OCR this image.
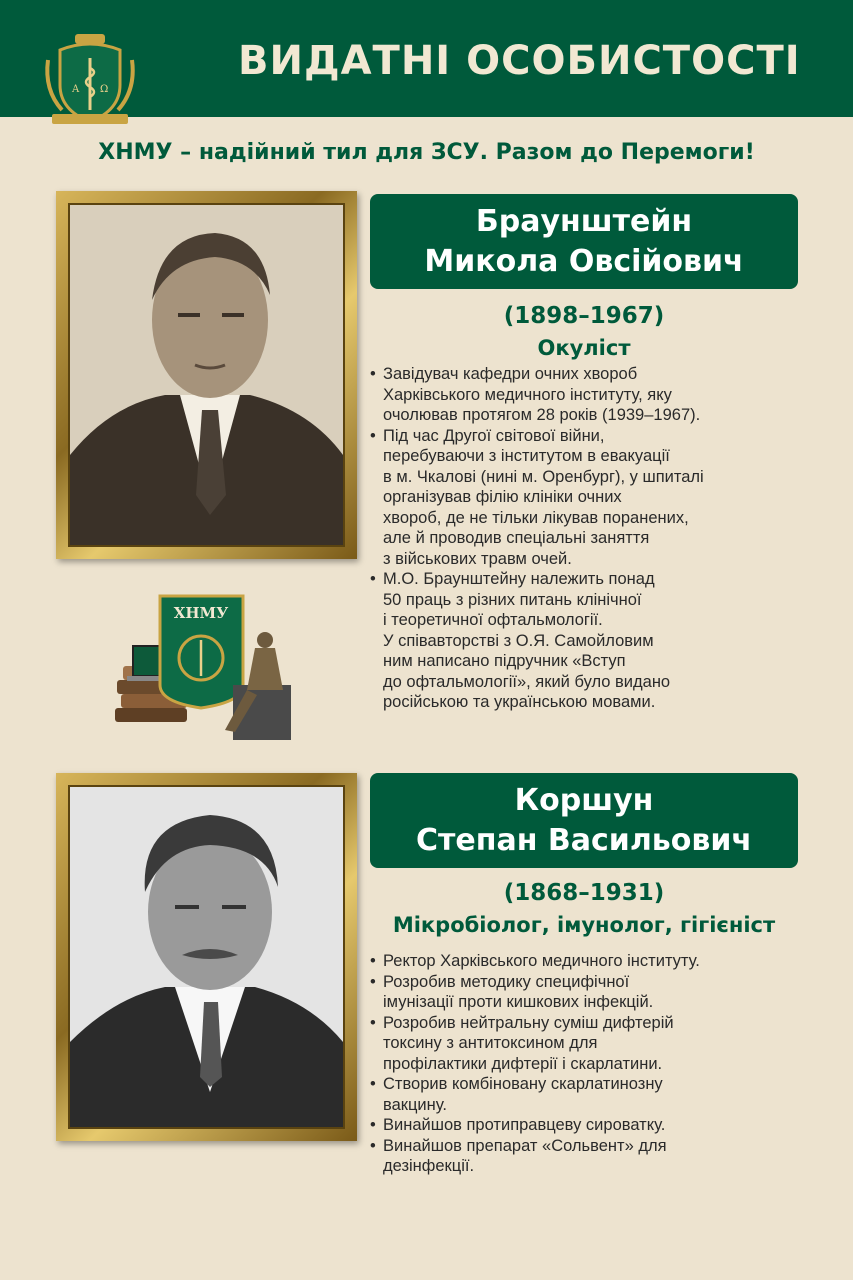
Α Ω
ВИДАТНІ ОСОБИСТОСТІ
ХНМУ – надійний тил для ЗСУ. Разом до Перемоги!
Браунштейн
Микола Овсійович
(1898–1967)
Окуліст
• Завідувач кафедри очних хвороб
Харківського медичного інституту, яку
очолював протягом 28 років (1939–1967).
• Під час Другої світової війни,
перебуваючи з інститутом в евакуації
в м. Чкалові (нині м. Оренбург), у шпиталі
організував філію клініки очних
хвороб, де не тільки лікував поранених,
але й проводив спеціальні заняття
з військових травм очей.
• М.О. Браунштейну належить понад
50 праць з різних питань клінічної
і теоретичної офтальмології.
У співавторстві з О.Я. Самойловим
ним написано підручник «Вступ
до офтальмології», який було видано
російською та українською мовами.
ХНМУ
Коршун
Степан Васильович
(1868–1931)
Мікробіолог, імунолог, гігієніст
• Ректор Харківського медичного інституту.
• Розробив методику специфічної
імунізації проти кишкових інфекцій.
• Розробив нейтральну суміш дифтерій
токсину з антитоксином для
профілактики дифтерії і скарлатини.
• Створив комбіновану скарлатинозну
вакцину.
• Винайшов протиправцеву сироватку.
• Винайшов препарат «Сольвент» для
дезінфекції.
